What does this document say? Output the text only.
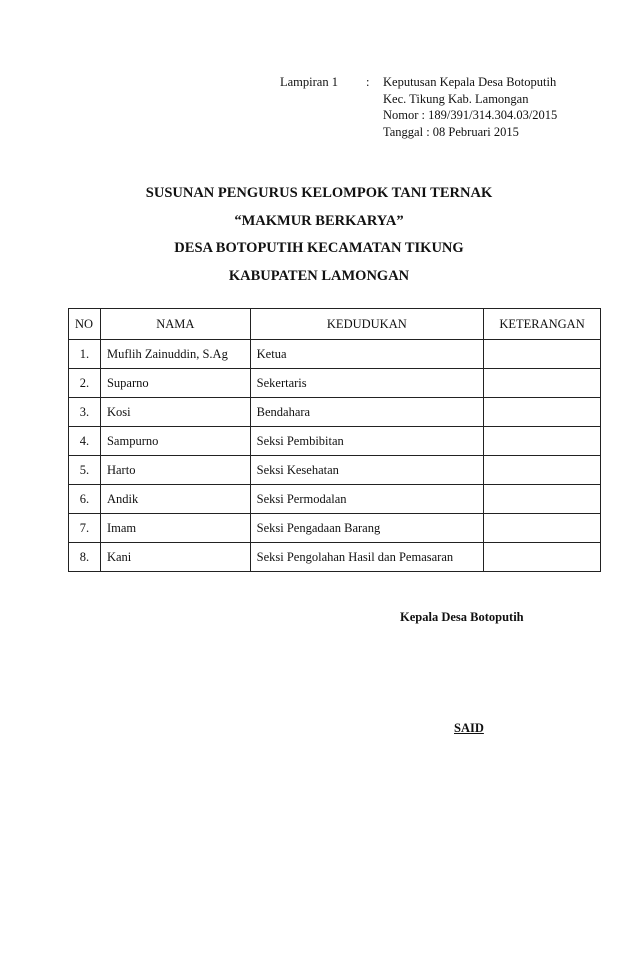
Lampiran 1	:	Keputusan Kepala Desa Botoputih
Kec. Tikung Kab. Lamongan
Nomor : 189/391/314.304.03/2015
Tanggal : 08 Pebruari 2015
SUSUNAN PENGURUS KELOMPOK TANI TERNAK
“MAKMUR BERKARYA”
DESA BOTOPUTIH KECAMATAN TIKUNG
KABUPATEN LAMONGAN
NO	NAMA	KEDUDUKAN	KETERANGAN
1.	Muflih Zainuddin, S.Ag	Ketua	
2.	Suparno	Sekertaris	
3.	Kosi	Bendahara	
4.	Sampurno	Seksi Pembibitan	
5.	Harto	Seksi Kesehatan	
6.	Andik	Seksi Permodalan	
7.	Imam	Seksi Pengadaan Barang	
8.	Kani	Seksi Pengolahan Hasil dan Pemasaran	
Kepala Desa Botoputih
SAID
